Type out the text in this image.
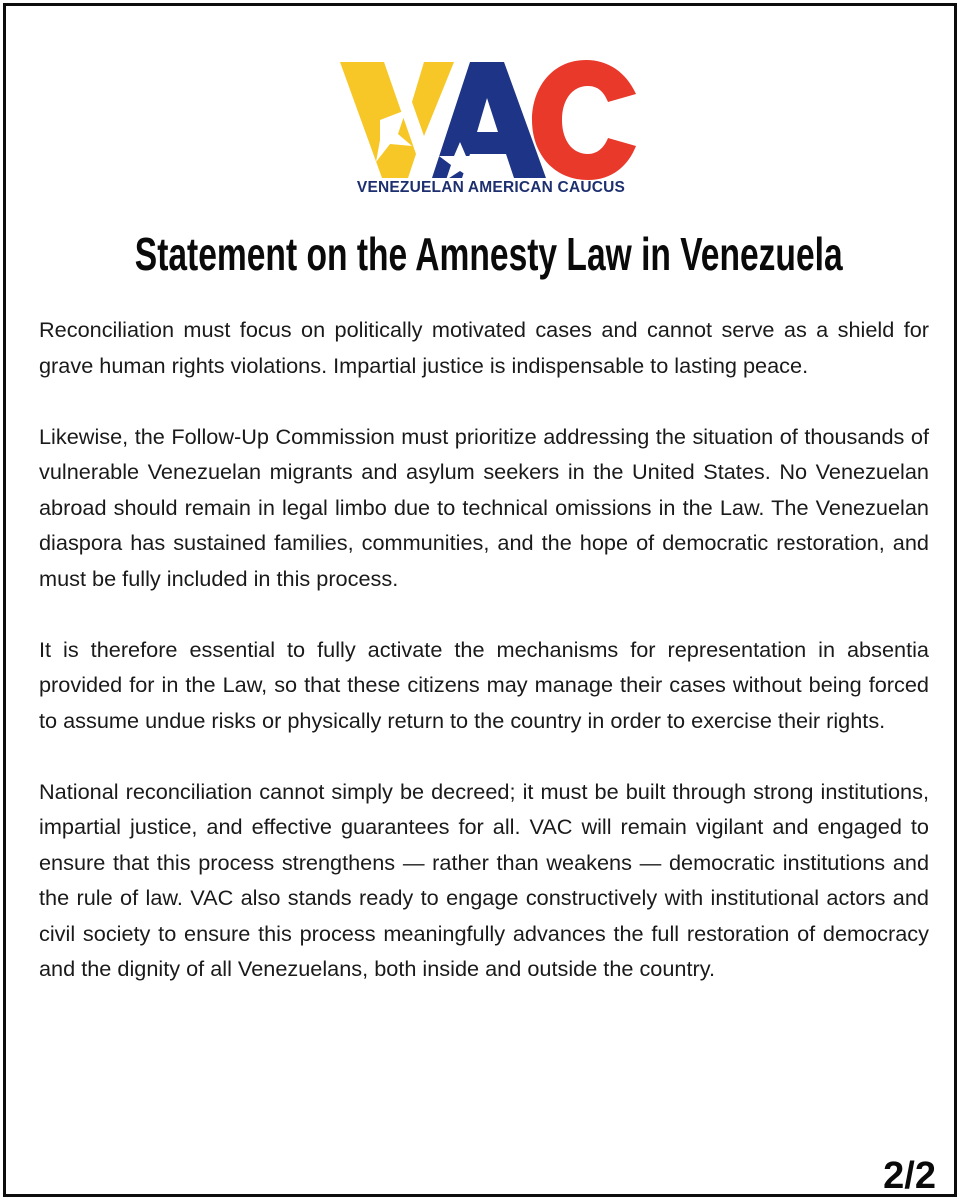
VENEZUELAN AMERICAN CAUCUS
Statement on the Amnesty Law in Venezuela

Reconciliation must focus on politically motivated cases and cannot serve as a shield for grave human rights violations. Impartial justice is indispensable to lasting peace.

Likewise, the Follow-Up Commission must prioritize addressing the situation of thousands of vulnerable Venezuelan migrants and asylum seekers in the United States. No Venezuelan abroad should remain in legal limbo due to technical omissions in the Law. The Venezuelan diaspora has sustained families, communities, and the hope of democratic restoration, and must be fully included in this process.

It is therefore essential to fully activate the mechanisms for representation in absentia provided for in the Law, so that these citizens may manage their cases without being forced to assume undue risks or physically return to the country in order to exercise their rights.

National reconciliation cannot simply be decreed; it must be built through strong institutions, impartial justice, and effective guarantees for all. VAC will remain vigilant and engaged to ensure that this process strengthens — rather than weakens — democratic institutions and the rule of law. VAC also stands ready to engage constructively with institutional actors and civil society to ensure this process meaningfully advances the full restoration of democracy and the dignity of all Venezuelans, both inside and outside the country.

2/2
